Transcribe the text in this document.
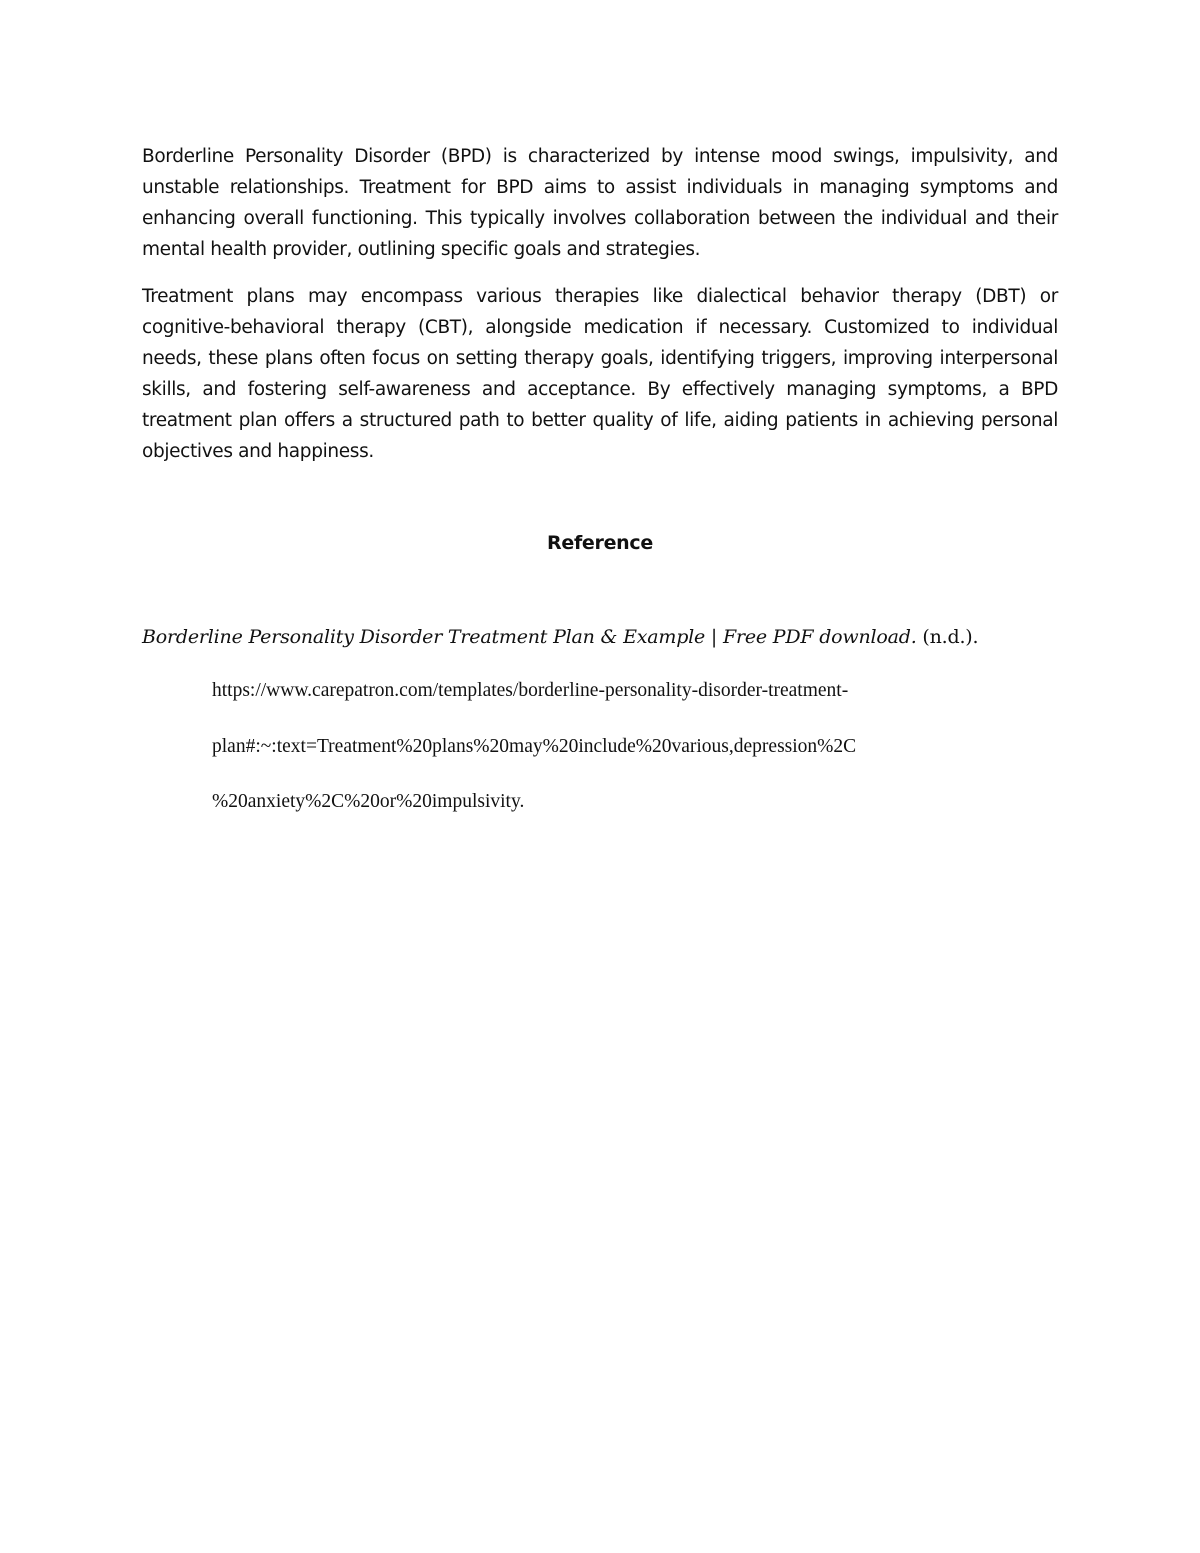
Borderline Personality Disorder (BPD) is characterized by intense mood swings, impulsivity, and unstable relationships. Treatment for BPD aims to assist individuals in managing symptoms and enhancing overall functioning. This typically involves collaboration between the individual and their mental health provider, outlining specific goals and strategies.
Treatment plans may encompass various therapies like dialectical behavior therapy (DBT) or cognitive-behavioral therapy (CBT), alongside medication if necessary. Customized to individual needs, these plans often focus on setting therapy goals, identifying triggers, improving interpersonal skills, and fostering self-awareness and acceptance. By effectively managing symptoms, a BPD treatment plan offers a structured path to better quality of life, aiding patients in achieving personal objectives and happiness.
Reference
Borderline Personality Disorder Treatment Plan & Example | Free PDF download. (n.d.).
https://www.carepatron.com/templates/borderline-personality-disorder-treatment-
plan#:~:text=Treatment%20plans%20may%20include%20various,depression%2C
%20anxiety%2C%20or%20impulsivity.
